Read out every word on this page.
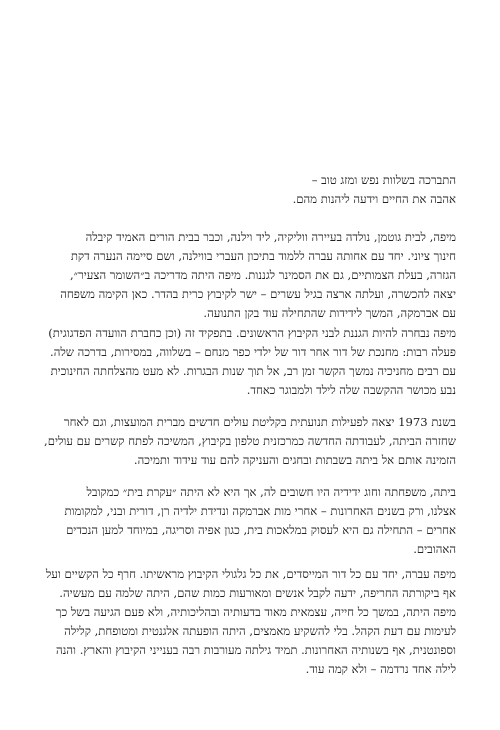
התברכה בשלוות נפש ומזג טוב –
אהבה את החיים וידעה ליהנות מהם.
מיפה, לבית גוטמן, נולדה בעיירה ווליקיה, ליד וילנה, וכבר בבית הורים האמיד קיבלה
חינוך ציוני. יחד עם אחותה עברה ללמוד בתיכון העברי בווילנה, ושם סיימה הנערה דקת
הגזרה, בעלת הצמותיים, גם את הסמינר לגננות. מיפה היתה מדריכה ב״השומר הצעיר״,
יצאה להכשרה, ועלתה ארצה בגיל עשרים – ישר לקיבוץ כרית בהדר. כאן הקימה משפחה
עם אברמקה, המשך לידידות שהתחילה עוד בקן התנועה.
מיפה נבחרה להיות הגננת לבני הקיבוץ הראשונים. בתפקיד זה (וכן כחברת הוועדה הפדגוגית)
פעלה רבות: מחנכת של דור אחר דור של ילדי כפר מנחם – בשלווה, במסירות, בדרכה שלה.
עם רבים מחניכיה נמשך הקשר זמן רב, אל תוך שנות הבגרות. לא מעט מהצלחתה החינוכית
נבע מכושר ההקשבה שלה לילד ולמבוגר כאחד.
בשנת 1973 יצאה לפעילות תנועתית בקליטת עולים חדשים מברית המועצות, וגם לאחר
שחזרה הביתה, לעבודתה החדשה כמרכזנית טלפון בקיבוץ, המשיכה לפתח קשרים עם עולים,
הזמינה אותם אל ביתה בשבתות ובחגים והעניקה להם עוד עידוד ותמיכה.
ביתה, משפחתה וחוג ידידיה היו חשובים לה, אך היא לא היתה ״עקרת בית״ כמקובל
אצלנו, ורק בשנים האחרונות – אחרי מות אברמקה ונדידת ילדיה רן, דורית ובני, למקומות
אחרים – התחילה גם היא לעסוק במלאכות בית, כגון אפיה וסריגה, במיוחד למען הנכדים
האהובים.
מיפה עברה, יחד עם כל דור המייסדים, את כל גלגולי הקיבוץ מראשיתו. חרף כל הקשיים ועל
אף ביקורתה החריפה, ידעה לקבל אנשים ומאורעות כמות שהם, היתה שלמה עם מעשיה.
מיפה היתה, במשך כל חייה, עצמאית מאוד בדעותיה ובהליכותיה, ולא פעם הגיעה בשל כך
לעימות עם דעת הקהל. בלי להשקיע מאמצים, היתה הופעתה אלגנטית ומטופחת, קלילה
וספונטנית, אף בשנותיה האחרונות. תמיד גילתה מעורבות רבה בענייני הקיבוץ והארץ. והנה
לילה אחד נרדמה – ולא קמה עוד.
